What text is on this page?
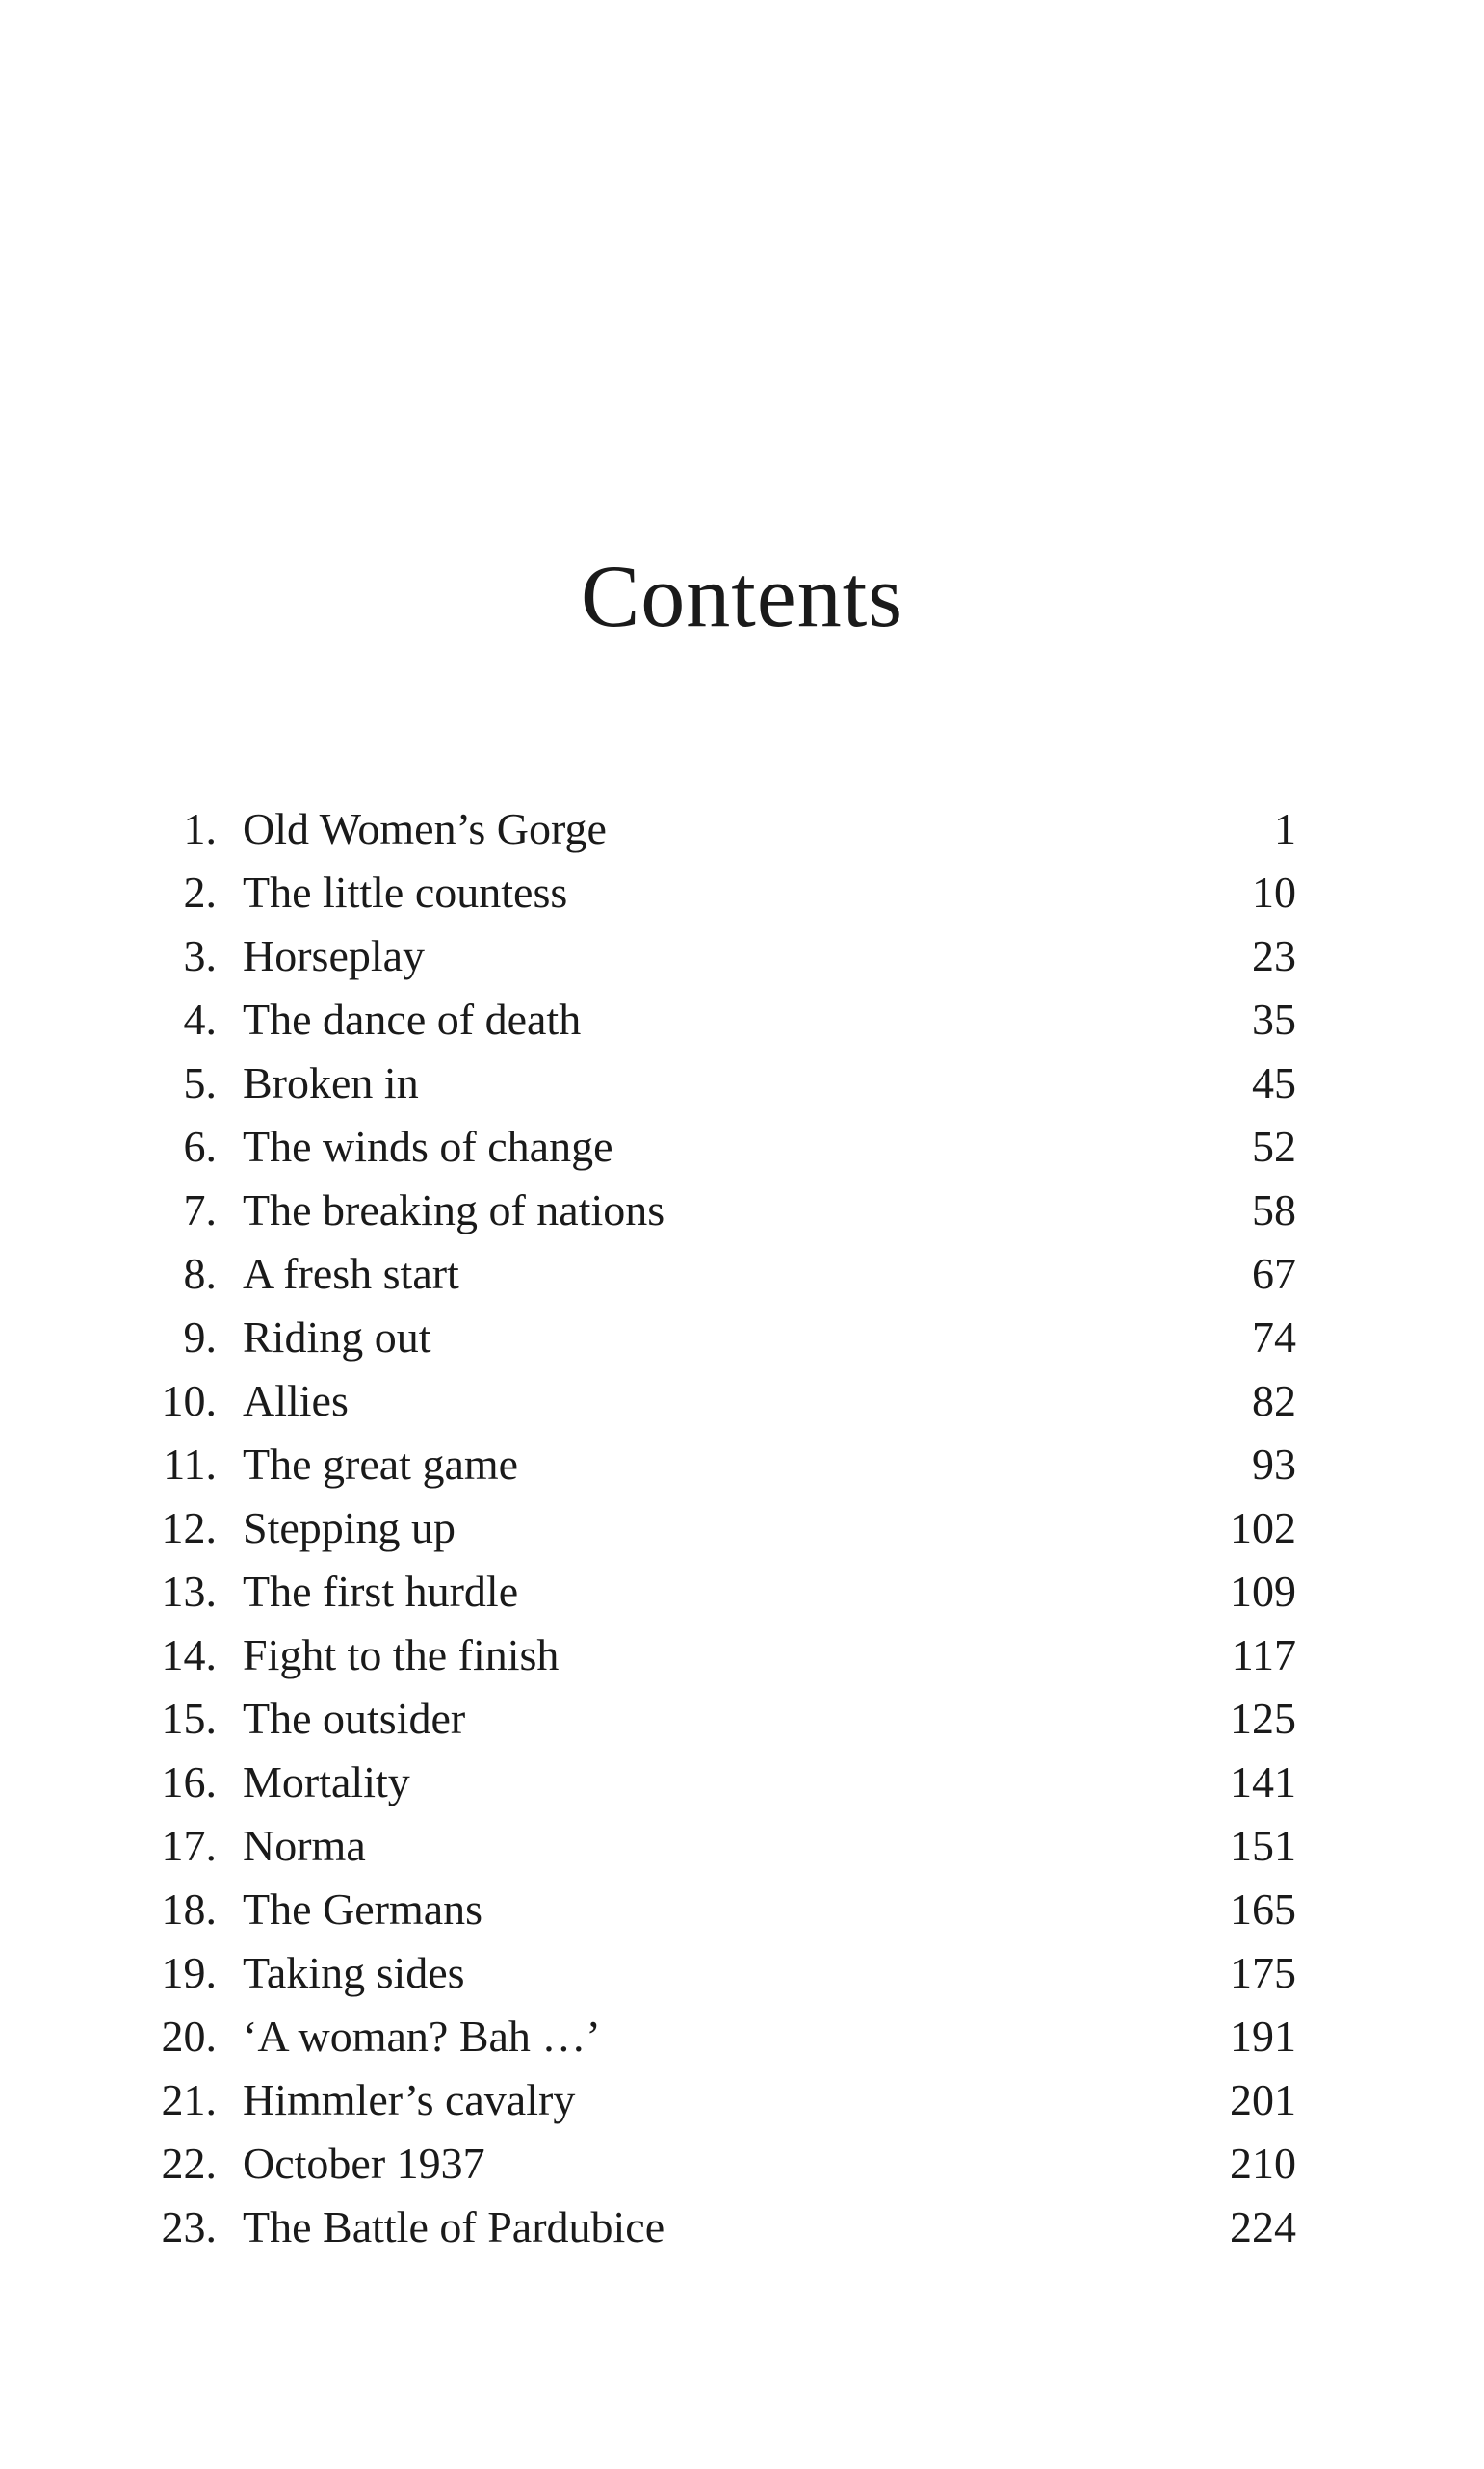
Contents
1. Old Women’s Gorge	1
2. The little countess	10
3. Horseplay	23
4. The dance of death	35
5. Broken in	45
6. The winds of change	52
7. The breaking of nations	58
8. A fresh start	67
9. Riding out	74
10. Allies	82
11. The great game	93
12. Stepping up	102
13. The first hurdle	109
14. Fight to the finish	117
15. The outsider	125
16. Mortality	141
17. Norma	151
18. The Germans	165
19. Taking sides	175
20. ‘A woman? Bah …’	191
21. Himmler’s cavalry	201
22. October 1937	210
23. The Battle of Pardubice	224
